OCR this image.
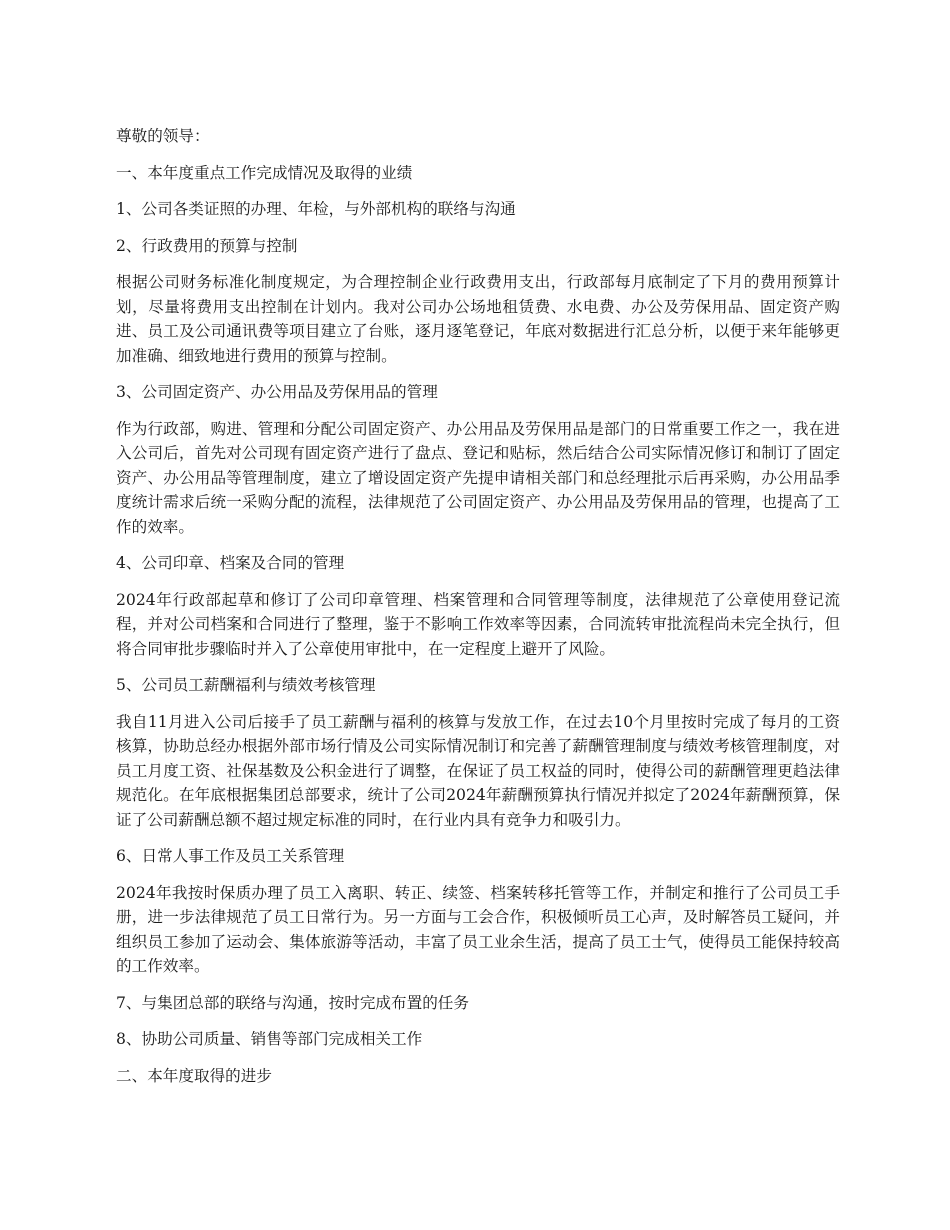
尊敬的领导：

一、本年度重点工作完成情况及取得的业绩

1、公司各类证照的办理、年检，与外部机构的联络与沟通

2、行政费用的预算与控制

根据公司财务标准化制度规定，为合理控制企业行政费用支出，行政部每月底制定了下月的费用预算计划，尽量将费用支出控制在计划内。我对公司办公场地租赁费、水电费、办公及劳保用品、固定资产购进、员工及公司通讯费等项目建立了台账，逐月逐笔登记，年底对数据进行汇总分析，以便于来年能够更加准确、细致地进行费用的预算与控制。

3、公司固定资产、办公用品及劳保用品的管理

作为行政部，购进、管理和分配公司固定资产、办公用品及劳保用品是部门的日常重要工作之一，我在进入公司后，首先对公司现有固定资产进行了盘点、登记和贴标，然后结合公司实际情况修订和制订了固定资产、办公用品等管理制度，建立了增设固定资产先提申请相关部门和总经理批示后再采购，办公用品季度统计需求后统一采购分配的流程，法律规范了公司固定资产、办公用品及劳保用品的管理，也提高了工作的效率。

4、公司印章、档案及合同的管理

2024年行政部起草和修订了公司印章管理、档案管理和合同管理等制度，法律规范了公章使用登记流程，并对公司档案和合同进行了整理，鉴于不影响工作效率等因素，合同流转审批流程尚未完全执行，但将合同审批步骤临时并入了公章使用审批中，在一定程度上避开了风险。

5、公司员工薪酬福利与绩效考核管理

我自11月进入公司后接手了员工薪酬与福利的核算与发放工作，在过去10个月里按时完成了每月的工资核算，协助总经办根据外部市场行情及公司实际情况制订和完善了薪酬管理制度与绩效考核管理制度，对员工月度工资、社保基数及公积金进行了调整，在保证了员工权益的同时，使得公司的薪酬管理更趋法律规范化。在年底根据集团总部要求，统计了公司2024年薪酬预算执行情况并拟定了2024年薪酬预算，保证了公司薪酬总额不超过规定标准的同时，在行业内具有竞争力和吸引力。

6、日常人事工作及员工关系管理

2024年我按时保质办理了员工入离职、转正、续签、档案转移托管等工作，并制定和推行了公司员工手册，进一步法律规范了员工日常行为。另一方面与工会合作，积极倾听员工心声，及时解答员工疑问，并组织员工参加了运动会、集体旅游等活动，丰富了员工业余生活，提高了员工士气，使得员工能保持较高的工作效率。

7、与集团总部的联络与沟通，按时完成布置的任务

8、协助公司质量、销售等部门完成相关工作

二、本年度取得的进步
